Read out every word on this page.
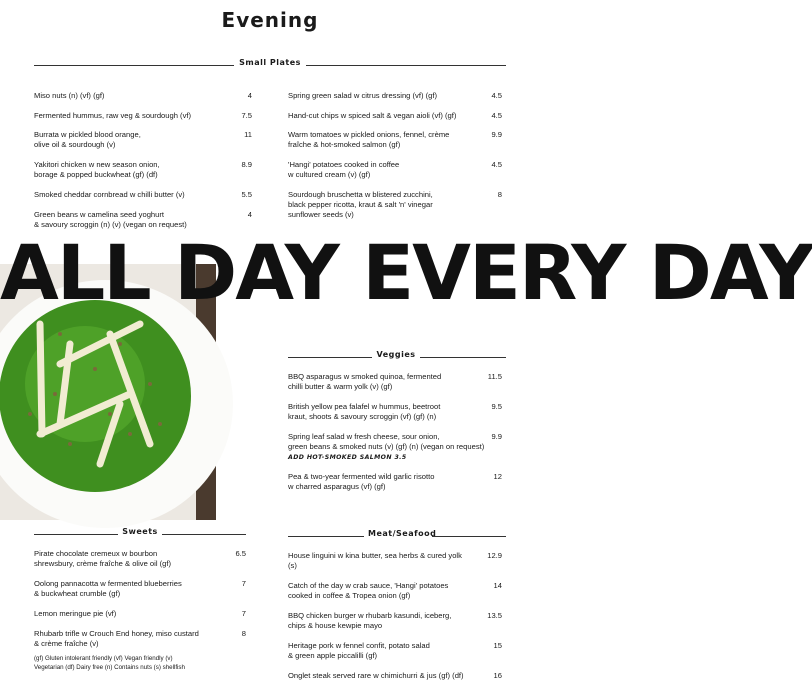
Evening
Small Plates
Miso nuts (n) (vf) (gf)	4
Fermented hummus, raw veg & sourdough (vf)	7.5
Burrata w pickled blood orange,
olive oil & sourdough (v)
11
Yakitori chicken w new season onion,
borage & popped buckwheat (gf) (df)
8.9
Smoked cheddar cornbread w chilli butter (v)	5.5
Green beans w camelina seed yoghurt
& savoury scroggin (n) (v) (vegan on request)
4
Spring green salad w citrus dressing (vf) (gf)	4.5
Hand-cut chips w spiced salt & vegan aioli (vf) (gf)	4.5
Warm tomatoes w pickled onions, fennel, crème
fraîche & hot-smoked salmon (gf)
9.9
'Hangi' potatoes cooked in coffee
w cultured cream (v) (gf)
4.5
Sourdough bruschetta w blistered zucchini,
black pepper ricotta, kraut & salt 'n' vinegar
sunflower seeds (v)
8
ALL DAY EVERY DAY
Veggies
BBQ asparagus w smoked quinoa, fermented
chilli butter & warm yolk (v) (gf)
11.5
British yellow pea falafel w hummus, beetroot
kraut, shoots & savoury scroggin (vf) (gf) (n)
9.5
Spring leaf salad w fresh cheese, sour onion,
green beans & smoked nuts (v) (gf) (n) (vegan on request)
9.9
ADD HOT-SMOKED SALMON 3.5
Pea & two-year fermented wild garlic risotto
w charred asparagus (vf) (gf)
12
Sweets
Pirate chocolate cremeux w bourbon
shrewsbury, crème fraîche & olive oil (gf)
6.5
Oolong pannacotta w fermented blueberries
& buckwheat crumble (gf)
7
Lemon meringue pie (vf)	7
Rhubarb trifle w Crouch End honey, miso custard
& crème fraîche (v)
8
Meat/Seafood
House linguini w kina butter, sea herbs & cured yolk
(s)
12.9
Catch of the day w crab sauce, 'Hangi' potatoes
cooked in coffee & Tropea onion (gf)
14
BBQ chicken burger w rhubarb kasundi, iceberg,
chips & house kewpie mayo
13.5
Heritage pork w fennel confit, potato salad
& green apple piccalilli (gf)
15
Onglet steak served rare w chimichurri & jus (gf) (df)	16
(gf) Gluten intolerant friendly (vf) Vegan friendly (v)
Vegetarian (df) Dairy free (n) Contains nuts (s) shellfish
